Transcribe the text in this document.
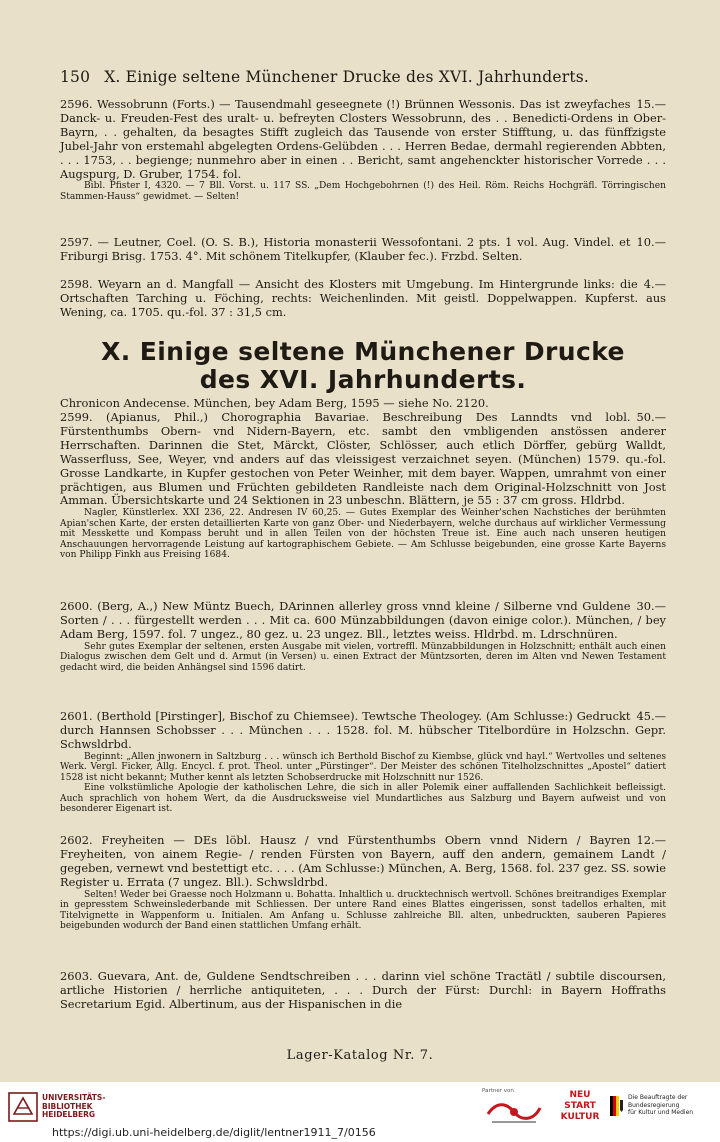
150 X. Einige seltene Münchener Drucke des XVI. Jahrhunderts.

15.—
2596. Wessobrunn (Forts.) — Tausendmahl geseegnete (!) Brünnen Wessonis. Das ist zweyfaches Danck- u. Freuden-Fest des uralt- u. befreyten Closters Wessobrunn, des . . Benedicti-Ordens in Ober-Bayrn, . . gehalten, da besagtes Stifft zugleich das Tausende von erster Stifftung, u. das fünffzigste Jubel-Jahr von erstemahl abgelegten Ordens-Gelübden . . . Herren Bedae, dermahl regierenden Abbten, . . . 1753, . . begienge; nunmehro aber in einen . . Bericht, samt angehenckter historischer Vorrede . . . Augspurg, D. Gruber, 1754. fol.

Bibl. Pfister I, 4320. — 7 Bll. Vorst. u. 117 SS. „Dem Hochgebohrnen (!) des Heil. Röm. Reichs Hochgräfl. Törringischen Stammen-Hauss“ gewidmet. — Selten!

10.—
2597. — Leutner, Coel. (O. S. B.), Historia monasterii Wessofontani. 2 pts. 1 vol. Aug. Vindel. et Friburgi Brisg. 1753. 4°. Mit schönem Titelkupfer, (Klauber fec.). Frzbd. Selten.

4.—
2598. Weyarn an d. Mangfall — Ansicht des Klosters mit Umgebung. Im Hintergrunde links: die Ortschaften Tarching u. Föching, rechts: Weichenlinden. Mit geistl. Doppelwappen. Kupferst. aus Wening, ca. 1705. qu.-fol. 37 : 31,5 cm.

X. Einige seltene Münchener Drucke
des XVI. Jahrhunderts.

Chronicon Andecense. München, bey Adam Berg, 1595 — siehe No. 2120.

50.—
2599. (Apianus, Phil.,) Chorographia Bavariae. Beschreibung Des Lanndts vnd lobl. Fürstenthumbs Obern- vnd Nidern-Bayern, etc. sambt den vmbligenden anstössen anderer Herrschaften. Darinnen die Stet, Märckt, Clöster, Schlösser, auch etlich Dörffer, gebürg Walldt, Wasserfluss, See, Weyer, vnd anders auf das vleissigest verzaichnet seyen. (München) 1579. qu.-fol. Grosse Landkarte, in Kupfer gestochen von Peter Weinher, mit dem bayer. Wappen, umrahmt von einer prächtigen, aus Blumen und Früchten gebildeten Randleiste nach dem Original-Holzschnitt von Jost Amman. Übersichtskarte und 24 Sektionen in 23 unbeschn. Blättern, je 55 : 37 cm gross. Hldrbd.

Nagler, Künstlerlex. XXI 236, 22. Andresen IV 60,25. — Gutes Exemplar des Weinher'schen Nachstiches der berühmten Apian'schen Karte, der ersten detaillierten Karte von ganz Ober- und Niederbayern, welche durchaus auf wirklicher Vermessung mit Messkette und Kompass beruht und in allen Teilen von der höchsten Treue ist. Eine auch nach unseren heutigen Anschauungen hervorragende Leistung auf kartographischem Gebiete. — Am Schlusse beigebunden, eine grosse Karte Bayerns von Philipp Finkh aus Freising 1684.

30.—
2600. (Berg, A.,) New Müntz Buech, DArinnen allerley gross vnnd kleine / Silberne vnd Guldene Sorten / . . . fürgestellt werden . . . Mit ca. 600 Münzabbildungen (davon einige color.). München, / bey Adam Berg, 1597. fol. 7 ungez., 80 gez. u. 23 ungez. Bll., letztes weiss. Hldrbd. m. Ldrschnüren.

Sehr gutes Exemplar der seltenen, ersten Ausgabe mit vielen, vortreffl. Münzabbildungen in Holzschnitt; enthält auch einen Dialogus zwischen dem Gelt und d. Armut (in Versen) u. einen Extract der Müntzsorten, deren im Alten vnd Newen Testament gedacht wird, die beiden Anhängsel sind 1596 datirt.

45.—
2601. (Berthold [Pirstinger], Bischof zu Chiemsee). Tewtsche Theologey. (Am Schlusse:) Gedruckt durch Hannsen Schobsser . . . München . . . 1528. fol. M. hübscher Titelbordüre in Holzschn. Gepr. Schwsldrbd.

Beginnt: „Allen jnwonern in Saltzburg . . . wünsch ich Berthold Bischof zu Kiembse, glück vnd hayl.“ Wertvolles und seltenes Werk. Vergl. Ficker, Allg. Encycl. f. prot. Theol. unter „Pürstinger“. Der Meister des schönen Titelholzschnittes „Apostel“ datiert 1528 ist nicht bekannt; Muther kennt als letzten Schobserdrucke mit Holzschnitt nur 1526.

Eine volkstümliche Apologie der katholischen Lehre, die sich in aller Polemik einer auffallenden Sachlichkeit befleissigt. Auch sprachlich von hohem Wert, da die Ausdrucksweise viel Mundartliches aus Salzburg und Bayern aufweist und von besonderer Eigenart ist.

12.—
2602. Freyheiten — DEs löbl. Hausz / vnd Fürstenthumbs Obern vnnd Nidern / Bayren Freyheiten, von ainem Regie- / renden Fürsten von Bayern, auff den andern, gemainem Landt / gegeben, vernewt vnd bestettigt etc. . . . (Am Schlusse:) München, A. Berg, 1568. fol. 237 gez. SS. sowie Register u. Errata (7 ungez. Bll.). Schwsldrbd.

Selten! Weder bei Graesse noch Holzmann u. Bohatta. Inhaltlich u. drucktechnisch wertvoll. Schönes breitrandiges Exemplar in gepresstem Schweinslederbande mit Schliessen. Der untere Rand eines Blattes eingerissen, sonst tadellos erhalten, mit Titelvignette in Wappenform u. Initialen. Am Anfang u. Schlusse zahlreiche Bll. alten, unbedruckten, sauberen Papieres beigebunden wodurch der Band einen stattlichen Umfang erhält.

2603. Guevara, Ant. de, Guldene Sendtschreiben . . . darinn viel schöne Tractätl / subtile discoursen, artliche Historien / herrliche antiquiteten, . . . Durch der Fürst: Durchl: in Bayern Hoffraths Secretarium Egid. Albertinum, aus der Hispanischen in die

Lager-Katalog Nr. 7.
UNIVERSITÄTS-
BIBLIOTHEK
HEIDELBERG
https://digi.ub.uni-heidelberg.de/diglit/lentner1911_7/0156
Partner von	NEU
START
KULTUR
Die Beauftragte der Bundesregierung
für Kultur und Medien
